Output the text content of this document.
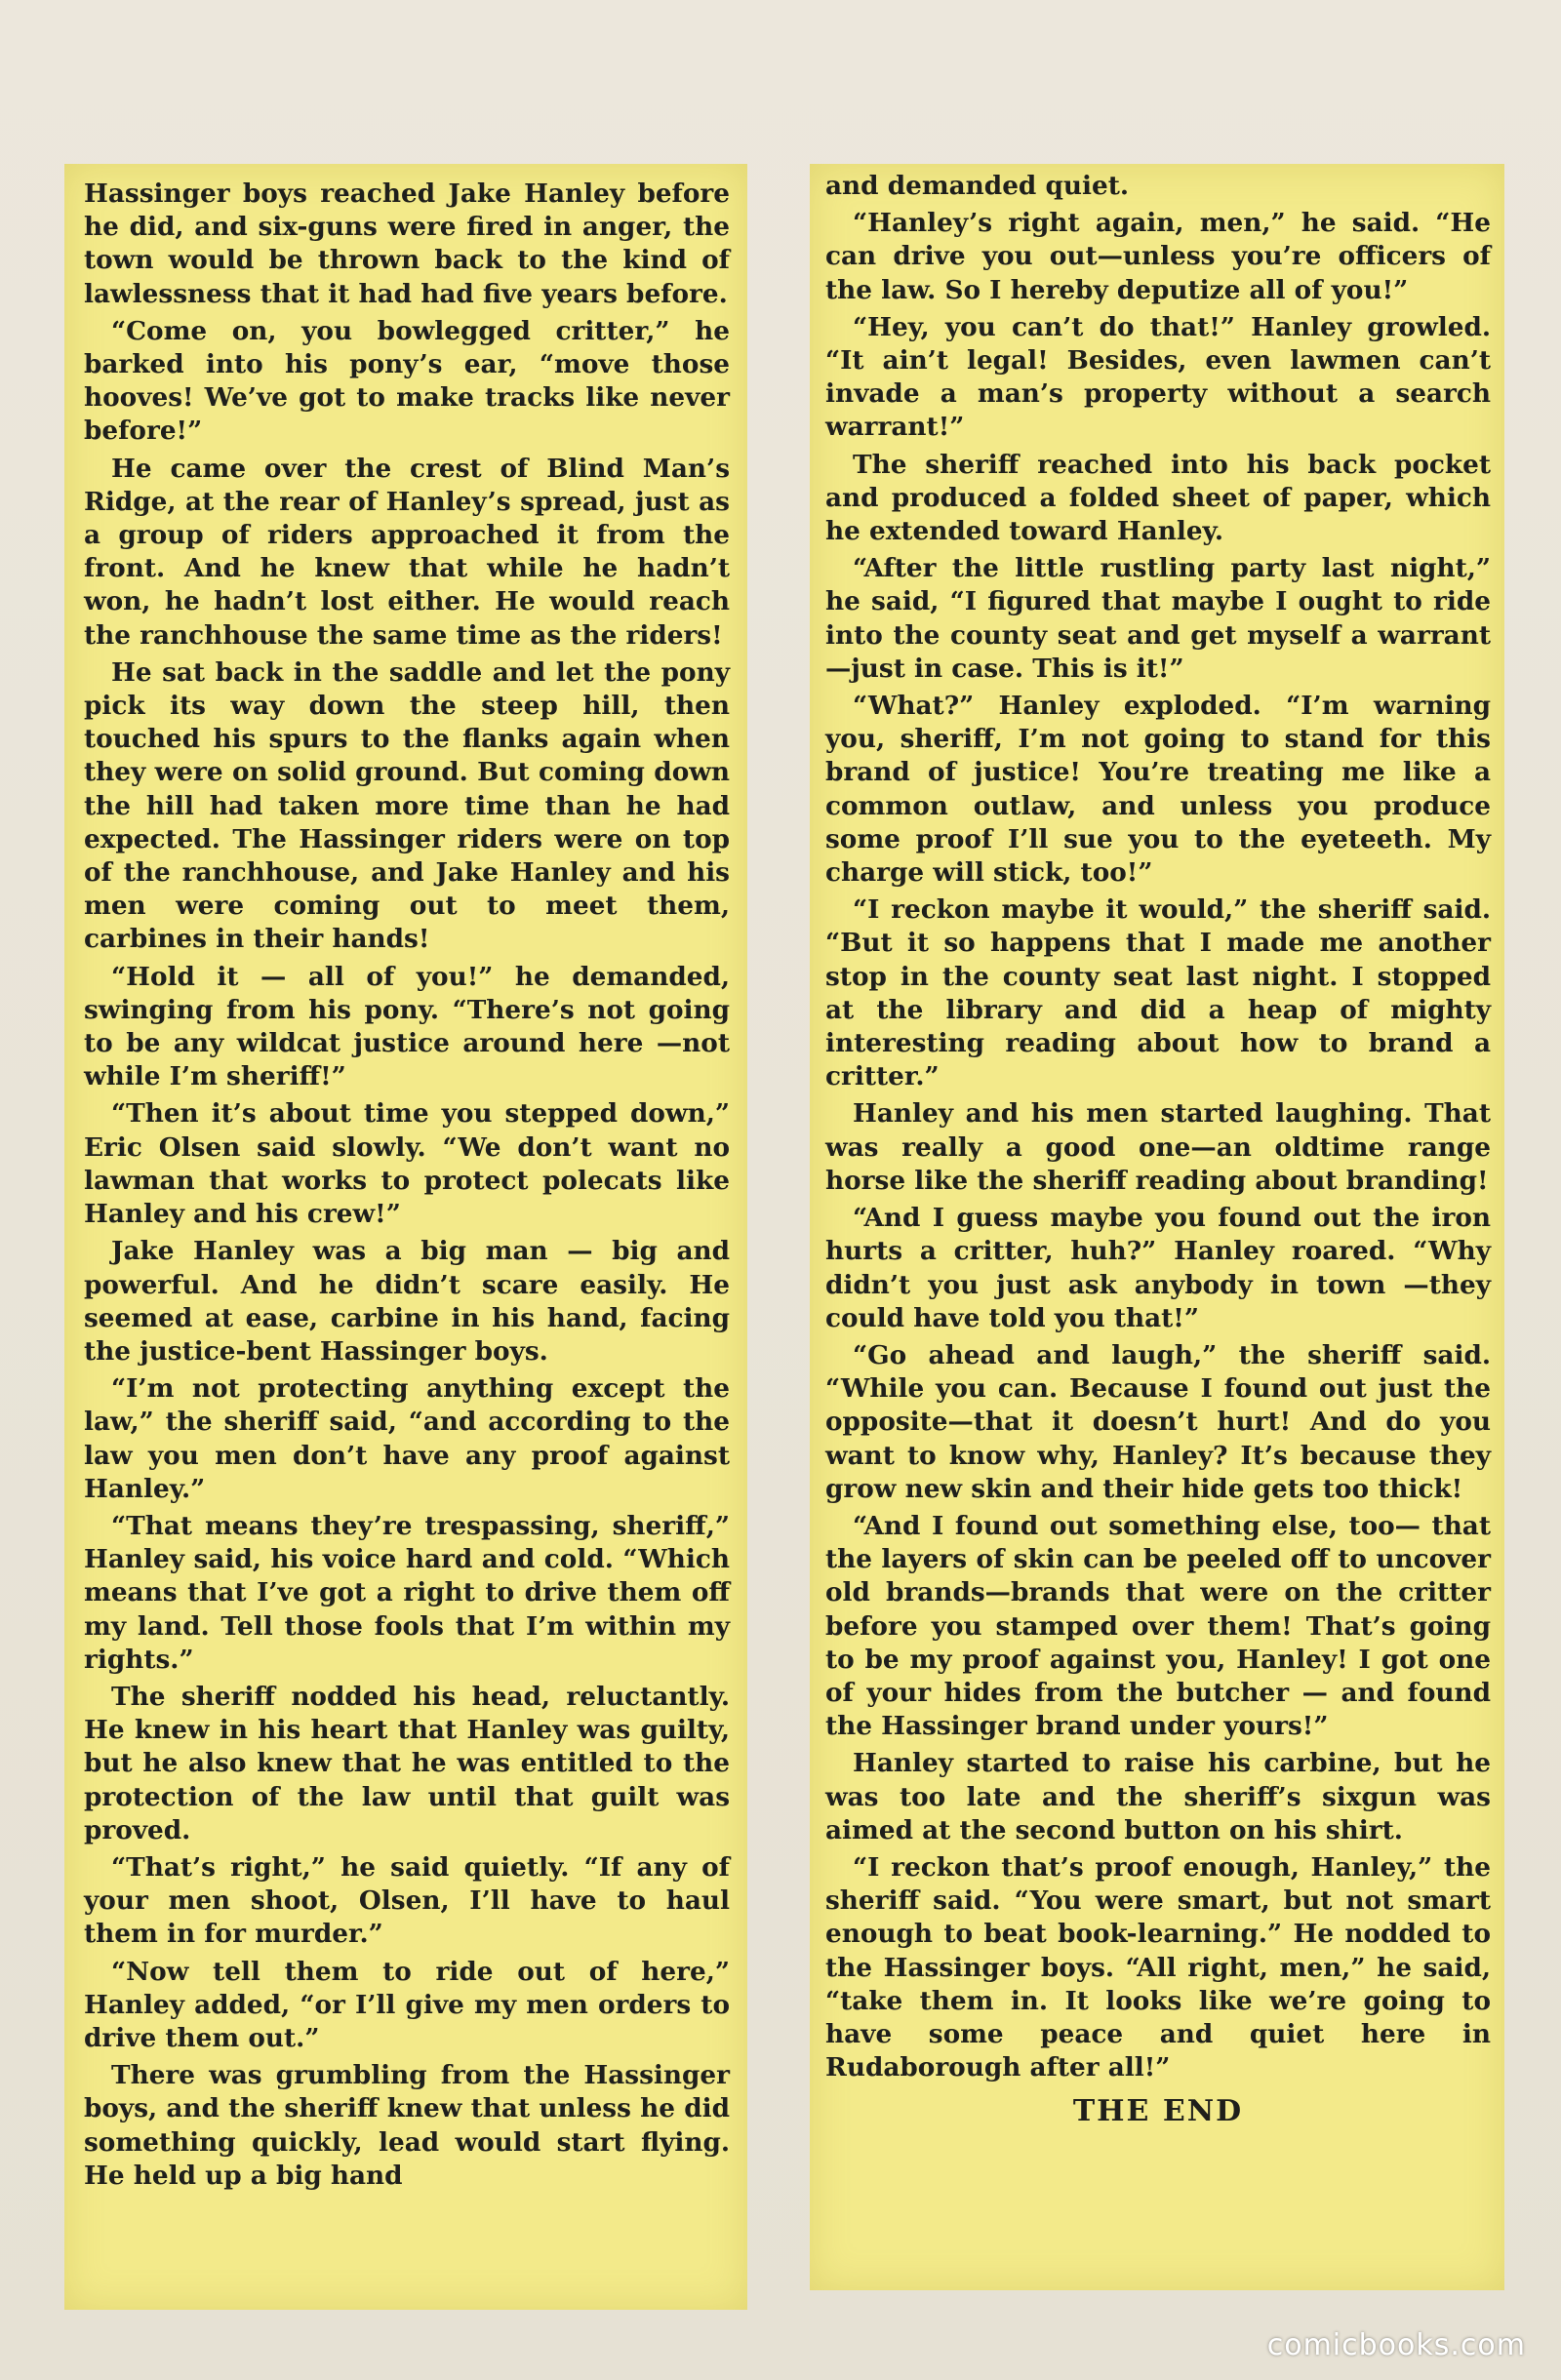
Hassinger boys reached Jake Hanley before he did, and six-guns were fired in anger, the town would be thrown back to the kind of lawlessness that it had had five years before.

“Come on, you bowlegged critter,” he barked into his pony’s ear, “move those hooves! We’ve got to make tracks like never before!”

He came over the crest of Blind Man’s Ridge, at the rear of Hanley’s spread, just as a group of riders approached it from the front. And he knew that while he hadn’t won, he hadn’t lost either. He would reach the ranchhouse the same time as the riders!

He sat back in the saddle and let the pony pick its way down the steep hill, then touched his spurs to the flanks again when they were on solid ground. But coming down the hill had taken more time than he had expected. The Hassinger riders were on top of the ranchhouse, and Jake Hanley and his men were coming out to meet them, carbines in their hands!

“Hold it — all of you!” he demanded, swinging from his pony. “There’s not going to be any wildcat justice around here —not while I’m sheriff!”

“Then it’s about time you stepped down,” Eric Olsen said slowly. “We don’t want no lawman that works to protect polecats like Hanley and his crew!”

Jake Hanley was a big man — big and powerful. And he didn’t scare easily. He seemed at ease, carbine in his hand, facing the justice-bent Hassinger boys.

“I’m not protecting anything except the law,” the sheriff said, “and according to the law you men don’t have any proof against Hanley.”

“That means they’re trespassing, sheriff,” Hanley said, his voice hard and cold. “Which means that I’ve got a right to drive them off my land. Tell those fools that I’m within my rights.”

The sheriff nodded his head, reluctantly. He knew in his heart that Hanley was guilty, but he also knew that he was entitled to the protection of the law until that guilt was proved.

“That’s right,” he said quietly. “If any of your men shoot, Olsen, I’ll have to haul them in for murder.”

“Now tell them to ride out of here,” Hanley added, “or I’ll give my men orders to drive them out.”

There was grumbling from the Hassinger boys, and the sheriff knew that unless he did something quickly, lead would start flying. He held up a big hand

and demanded quiet.

“Hanley’s right again, men,” he said. “He can drive you out—unless you’re officers of the law. So I hereby deputize all of you!”

“Hey, you can’t do that!” Hanley growled. “It ain’t legal! Besides, even lawmen can’t invade a man’s property without a search warrant!”

The sheriff reached into his back pocket and produced a folded sheet of paper, which he extended toward Hanley.

“After the little rustling party last night,” he said, “I figured that maybe I ought to ride into the county seat and get myself a warrant—just in case. This is it!”

“What?” Hanley exploded. “I’m warning you, sheriff, I’m not going to stand for this brand of justice! You’re treating me like a common outlaw, and unless you produce some proof I’ll sue you to the eyeteeth. My charge will stick, too!”

“I reckon maybe it would,” the sheriff said. “But it so happens that I made me another stop in the county seat last night. I stopped at the library and did a heap of mighty interesting reading about how to brand a critter.”

Hanley and his men started laughing. That was really a good one—an oldtime range horse like the sheriff reading about branding!

“And I guess maybe you found out the iron hurts a critter, huh?” Hanley roared. “Why didn’t you just ask anybody in town —they could have told you that!”

“Go ahead and laugh,” the sheriff said. “While you can. Because I found out just the opposite—that it doesn’t hurt! And do you want to know why, Hanley? It’s because they grow new skin and their hide gets too thick!

“And I found out something else, too— that the layers of skin can be peeled off to uncover old brands—brands that were on the critter before you stamped over them! That’s going to be my proof against you, Hanley! I got one of your hides from the butcher — and found the Hassinger brand under yours!”

Hanley started to raise his carbine, but he was too late and the sheriff’s sixgun was aimed at the second button on his shirt.

“I reckon that’s proof enough, Hanley,” the sheriff said. “You were smart, but not smart enough to beat book-learning.” He nodded to the Hassinger boys. “All right, men,” he said, “take them in. It looks like we’re going to have some peace and quiet here in Rudaborough after all!”

THE END
comicbooks.com
